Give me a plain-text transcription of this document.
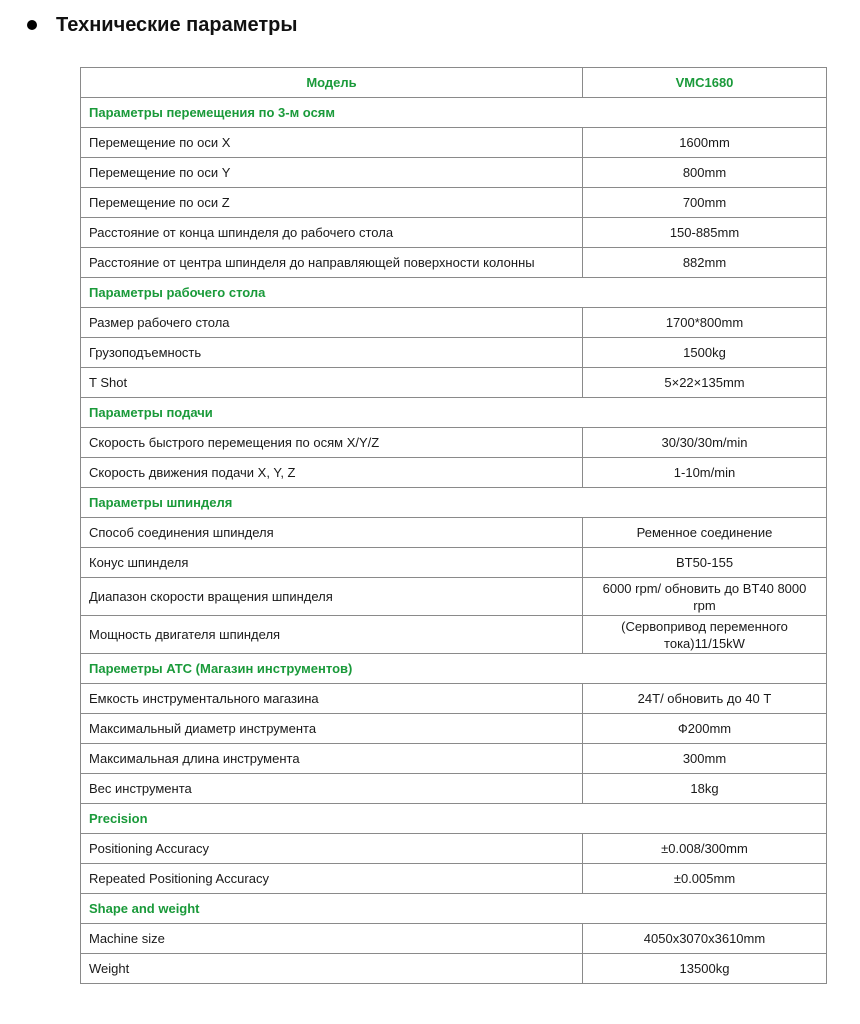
Технические параметры
Модель	VMC1680
Параметры перемещения по 3-м осям	
Перемещение по оси X	1600mm
Перемещение по оси Y	800mm
Перемещение по оси Z	700mm
Расстояние от конца шпинделя до рабочего стола	150-885mm
Расстояние от центра шпинделя до направляющей поверхности колонны	882mm
Параметры рабочего стола	
Размер рабочего стола	1700*800mm
Грузоподъемность	1500kg
T Shot	5×22×135mm
Параметры подачи	
Скорость быстрого перемещения по осям X/Y/Z	30/30/30m/min
Скорость движения подачи X, Y, Z	1-10m/min
Параметры шпинделя	
Способ соединения шпинделя	Ременное соединение
Конус шпинделя	BT50-155
Диапазон скорости вращения шпинделя	6000 rpm/ обновить до BT40 8000 rpm
Мощность двигателя шпинделя	(Сервопривод переменного тока)11/15kW
Пареметры ATC (Магазин инструментов)	
Емкость инструментального магазина	24T/ обновить до 40 T
Максимальный диаметр инструмента	Ф200mm
Максимальная длина инструмента	300mm
Вес инструмента	18kg
Precision	
Positioning Accuracy	±0.008/300mm
Repeated Positioning Accuracy	±0.005mm
Shape and weight	
Machine size	4050x3070x3610mm
Weight	13500kg
